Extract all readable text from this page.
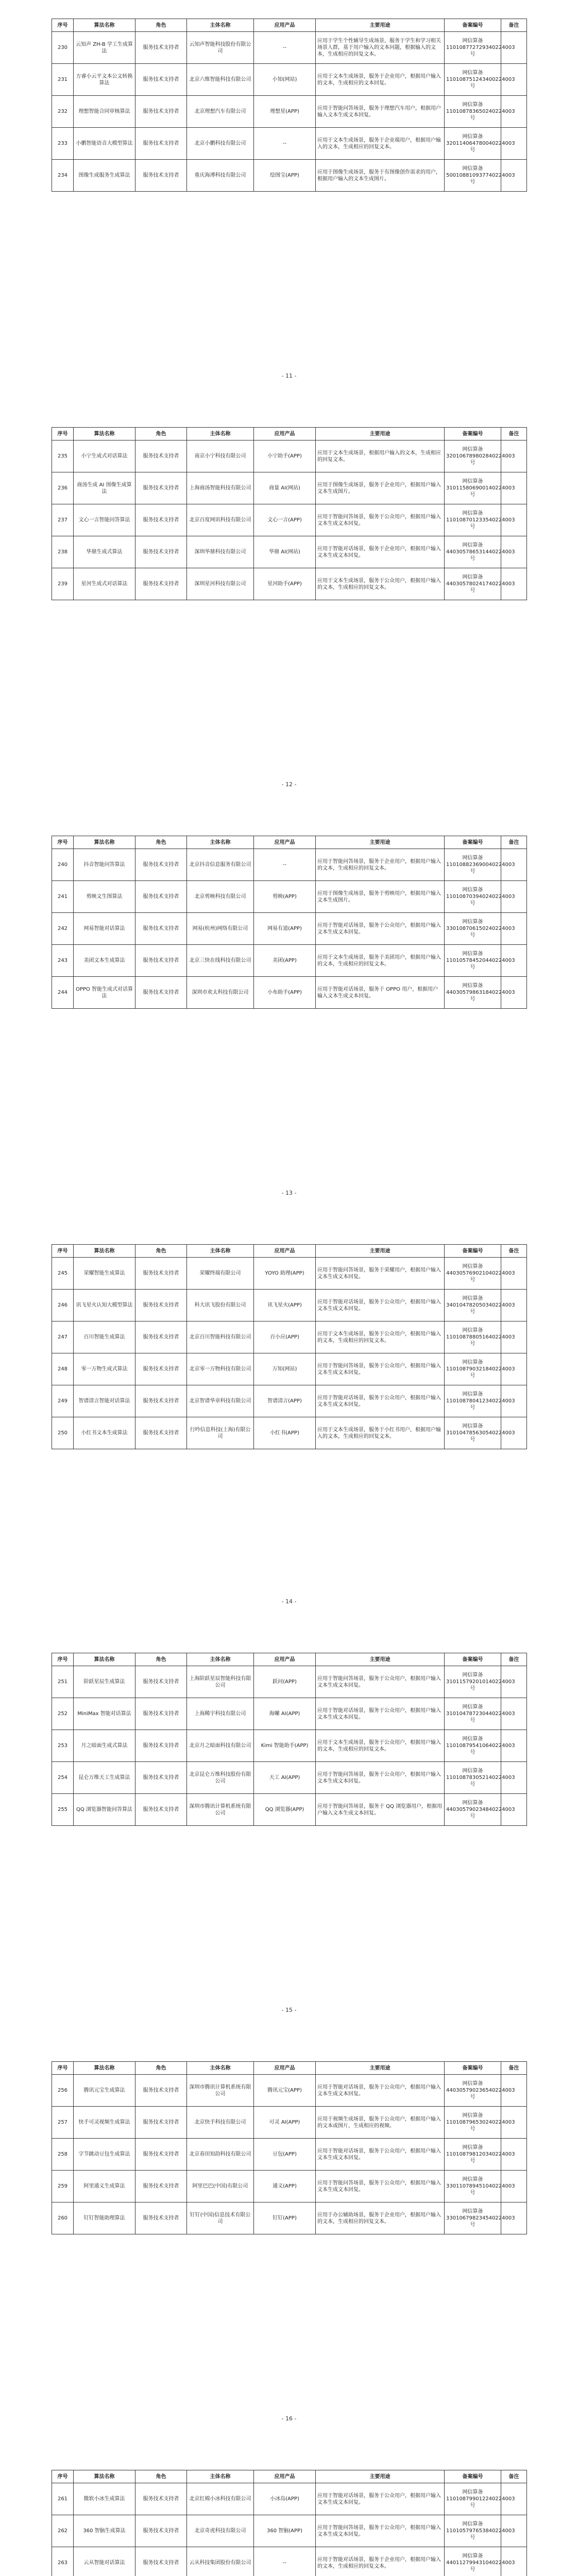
序号	算法名称	角色	主体名称	应用产品	主要用途	备案编号	备注
230	云知声 ZH-B 学工生成算法	服务技术支持者	云知声智能科技股份有限公司	--	应用于学生个性辅导生成场景，服务于学生和学习相关场景人群，基于用户输入的文本问题，根据输入的文本，生成相应的回复文本。	网信算备 110108772729340224003 号	
231	方睿小云平文本公文转换算法	服务技术支持者	北京六维智能科技有限公司	小知(网站)	应用于文本生成场景，服务于企业用户，根据用户输入的文本，生成相应的文本回复。	网信算备 110108751243400224003 号	
232	理想智能合同审核算法	服务技术支持者	北京理想汽车有限公司	理想星(APP)	应用于智能问答场景，服务于理想汽车用户，根据用户输入文本生成文本回复。	网信算备 110108783650240224003 号	
233	小鹏智能语音大模型算法	服务技术支持者	北京小鹏科技有限公司	--	应用于文本生成场景，服务于企业端用户，根据用户输入的文本，生成相应的回复文本。	网信算备 320114064780040224003 号	
234	图像生成服务生成算法	服务技术支持者	重庆海溥科技有限公司	绘图宝(APP)	应用于图像生成场景，服务于有图像创作需求的用户，根据用户输入的文本生成图片。	网信算备 500108810937740224003 号	
- 11 -
序号	算法名称	角色	主体名称	应用产品	主要用途	备案编号	备注
235	小宁生成式对话算法	服务技术支持者	南京小宁科技有限公司	小宁助手(APP)	应用于文本生成场景，根据用户输入的文本，生成相应的回复文本。	网信算备 320106789802840224003 号	
236	商汤生成 AI 图像生成算法	服务技术支持者	上海商汤智能科技有限公司	商量 AI(网站)	应用于图像生成场景，服务于企业用户，根据用户输入文本生成图片。	网信算备 310115806900140224003 号	
237	文心一言智能问答算法	服务技术支持者	北京百度网讯科技有限公司	文心一言(APP)	应用于智能问答场景，服务于公众用户，根据用户输入文本生成文本回复。	网信算备 110108701233540224003 号	
238	华鼎生成式算法	服务技术支持者	深圳华鼎科技有限公司	华鼎 AI(网站)	应用于智能对话场景，服务于企业用户，根据用户输入文本生成文本回复。	网信算备 440305786531440224003 号	
239	星河生成式对话算法	服务技术支持者	深圳星河科技有限公司	星河助手(APP)	应用于文本生成场景，服务于公众用户，根据用户输入的文本，生成相应的回复文本。	网信算备 440305780241740224003 号	
- 12 -
序号	算法名称	角色	主体名称	应用产品	主要用途	备案编号	备注
240	抖音智能问答算法	服务技术支持者	北京抖音信息服务有限公司	--	应用于智能问答场景，服务于企业用户，根据用户输入的文本，生成相应的回复文本。	网信算备 110108823690040224003 号	
241	剪映文生图算法	服务技术支持者	北京剪映科技有限公司	剪映(APP)	应用于图像生成场景，服务于剪映用户，根据用户输入文本生成图片。	网信算备 110108703940240224003 号	
242	网易智能对话算法	服务技术支持者	网易(杭州)网络有限公司	网易有道(APP)	应用于智能对话场景，服务于公众用户，根据用户输入文本生成文本回复。	网信算备 330108706150240224003 号	
243	美团文本生成算法	服务技术支持者	北京三快在线科技有限公司	美团(APP)	应用于文本生成场景，服务于美团用户，根据用户输入的文本，生成相应的回复文本。	网信算备 110105784520440224003 号	
244	OPPO 智能生成式对话算法	服务技术支持者	深圳市欢太科技有限公司	小布助手(APP)	应用于智能对话场景，服务于 OPPO 用户，根据用户输入文本生成文本回复。	网信算备 440305798631840224003 号	
- 13 -
序号	算法名称	角色	主体名称	应用产品	主要用途	备案编号	备注
245	荣耀智能生成算法	服务技术支持者	荣耀终端有限公司	YOYO 助理(APP)	应用于智能问答场景，服务于荣耀用户，根据用户输入文本生成文本回复。	网信算备 440305769021040224003 号	
246	讯飞星火认知大模型算法	服务技术支持者	科大讯飞股份有限公司	讯飞星火(APP)	应用于智能对话场景，服务于公众用户，根据用户输入文本生成文本回复。	网信算备 340104782050340224003 号	
247	百川智能生成算法	服务技术支持者	北京百川智能科技有限公司	百小应(APP)	应用于文本生成场景，服务于公众用户，根据用户输入的文本，生成相应的回复文本。	网信算备 110108788051640224003 号	
248	零一万物生成式算法	服务技术支持者	北京零一万物科技有限公司	万知(网站)	应用于智能问答场景，服务于公众用户，根据用户输入文本生成文本回复。	网信算备 110108790321840224003 号	
249	智谱清言智能对话算法	服务技术支持者	北京智谱华章科技有限公司	智谱清言(APP)	应用于智能对话场景，服务于公众用户，根据用户输入文本生成文本回复。	网信算备 110108780412340224003 号	
250	小红书文本生成算法	服务技术支持者	行吟信息科技(上海)有限公司	小红书(APP)	应用于文本生成场景，服务于小红书用户，根据用户输入的文本，生成相应的回复文本。	网信算备 310104785630540224003 号	
- 14 -
序号	算法名称	角色	主体名称	应用产品	主要用途	备案编号	备注
251	阶跃星辰生成算法	服务技术支持者	上海阶跃星辰智能科技有限公司	跃问(APP)	应用于智能问答场景，服务于公众用户，根据用户输入文本生成文本回复。	网信算备 310115792010140224003 号	
252	MiniMax 智能对话算法	服务技术支持者	上海稀宇科技有限公司	海螺 AI(APP)	应用于智能对话场景，服务于公众用户，根据用户输入文本生成文本回复。	网信算备 310104787230440224003 号	
253	月之暗面生成式算法	服务技术支持者	北京月之暗面科技有限公司	Kimi 智能助手(APP)	应用于文本生成场景，服务于公众用户，根据用户输入的文本，生成相应的回复文本。	网信算备 110108795410640224003 号	
254	昆仑万维天工生成算法	服务技术支持者	北京昆仑万维科技股份有限公司	天工 AI(APP)	应用于智能问答场景，服务于公众用户，根据用户输入文本生成文本回复。	网信算备 110108783052140224003 号	
255	QQ 浏览器智能问答算法	服务技术支持者	深圳市腾讯计算机系统有限公司	QQ 浏览器(APP)	应用于智能问答场景，服务于 QQ 浏览器用户，根据用户输入文本生成文本回复。	网信算备 440305790234840224003 号	
- 15 -
序号	算法名称	角色	主体名称	应用产品	主要用途	备案编号	备注
256	腾讯元宝生成算法	服务技术支持者	深圳市腾讯计算机系统有限公司	腾讯元宝(APP)	应用于智能对话场景，服务于公众用户，根据用户输入文本生成文本回复。	网信算备 440305790236540224003 号	
257	快手可灵视频生成算法	服务技术支持者	北京快手科技有限公司	可灵 AI(APP)	应用于视频生成场景，服务于公众用户，根据用户输入的文本或图片，生成相应的视频。	网信算备 110108796530240224003 号	
258	字节跳动豆包生成算法	服务技术支持者	北京春田知韵科技有限公司	豆包(APP)	应用于智能对话场景，服务于公众用户，根据用户输入文本生成文本回复。	网信算备 110108798120340224003 号	
259	阿里通义生成算法	服务技术支持者	阿里巴巴(中国)有限公司	通义(APP)	应用于智能问答场景，服务于公众用户，根据用户输入文本生成文本回复。	网信算备 330110789451040224003 号	
260	钉钉智能助理算法	服务技术支持者	钉钉(中国)信息技术有限公司	钉钉(APP)	应用于办公辅助场景，服务于企业用户，根据用户输入的文本，生成相应的回复文本。	网信算备 330106798234540224003 号	
- 16 -
序号	算法名称	角色	主体名称	应用产品	主要用途	备案编号	备注
261	微软小冰生成算法	服务技术支持者	北京红棉小冰科技有限公司	小冰岛(APP)	应用于智能对话场景，服务于公众用户，根据用户输入文本生成文本回复。	网信算备 110108799012240224003 号	
262	360 智脑生成算法	服务技术支持者	北京奇虎科技有限公司	360 智脑(APP)	应用于智能问答场景，服务于公众用户，根据用户输入文本生成文本回复。	网信算备 110105797653840224003 号	
263	云从智能对话算法	服务技术支持者	云从科技集团股份有限公司	--	应用于智能对话场景，服务于企业用户，根据用户输入的文本，生成相应的回复文本。	网信算备 440112799431040224003 号	
